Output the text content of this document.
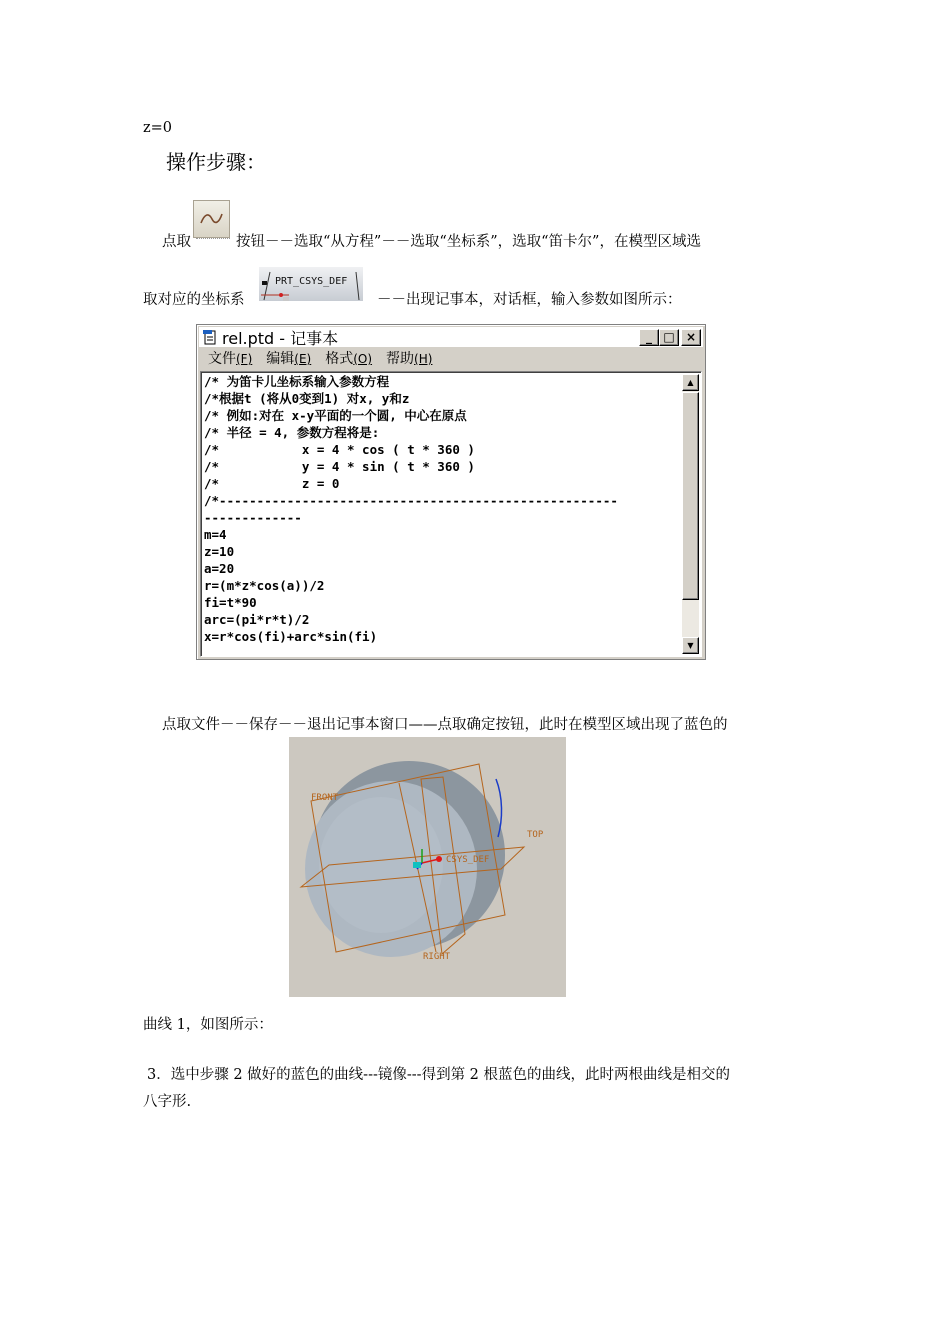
z=0
操作步骤：
点取	按钮－－选取“从方程”－－选取“坐标系”，选取“笛卡尔”，在模型区域选
取对应的坐标系
PRT_CSYS_DEF
－－出现记事本，对话框，输入参数如图所示：
rel.ptd - 记事本	_ □ ×
文件(F)	编辑(E)	格式(O)	帮助(H)
/* 为笛卡儿坐标系输入参数方程
/*根据t (将从0变到1) 对x, y和z
/* 例如:对在 x-y平面的一个圆, 中心在原点
/* 半径 = 4, 参数方程将是:
/*           x = 4 * cos ( t * 360 )
/*           y = 4 * sin ( t * 360 )
/*           z = 0
/*-----------------------------------------------------
-------------
m=4
z=10
a=20
r=(m*z*cos(a))/2
fi=t*90
arc=(pi*r*t)/2
x=r*cos(fi)+arc*sin(fi)
▲
▼
点取文件－－保存－－退出记事本窗口——点取确定按钮，此时在模型区域出现了蓝色的
FRONT
TOP
RIGHT
CSYS_DEF
曲线 1，如图所示：
3．选中步骤 2 做好的蓝色的曲线---镜像---得到第 2 根蓝色的曲线，此时两根曲线是相交的
八字形.
